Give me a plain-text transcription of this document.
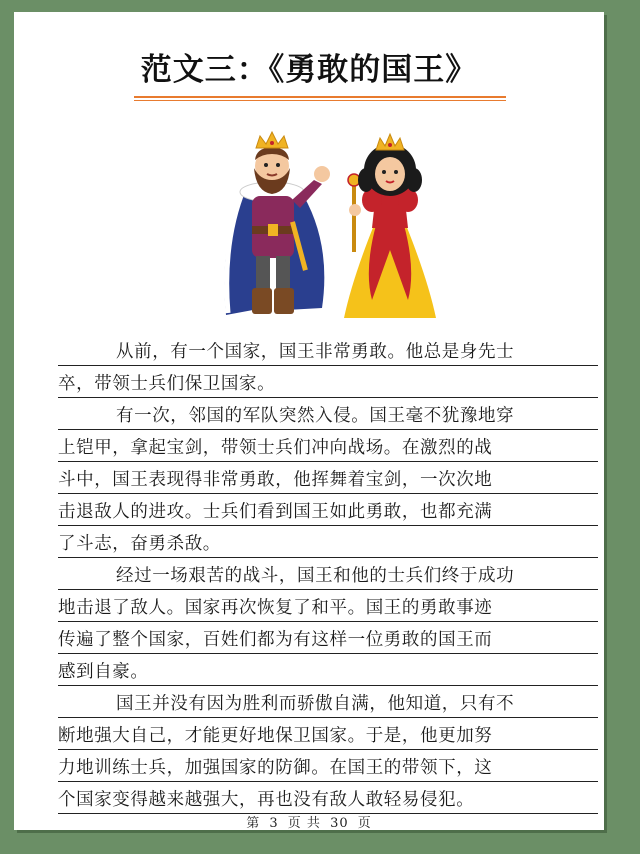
范文三：《勇敢的国王》
从前，有一个国家，国王非常勇敢。他总是身先士
卒，带领士兵们保卫国家。
有一次，邻国的军队突然入侵。国王毫不犹豫地穿
上铠甲，拿起宝剑，带领士兵们冲向战场。在激烈的战
斗中，国王表现得非常勇敢，他挥舞着宝剑，一次次地
击退敌人的进攻。士兵们看到国王如此勇敢，也都充满
了斗志，奋勇杀敌。
经过一场艰苦的战斗，国王和他的士兵们终于成功
地击退了敌人。国家再次恢复了和平。国王的勇敢事迹
传遍了整个国家，百姓们都为有这样一位勇敢的国王而
感到自豪。
国王并没有因为胜利而骄傲自满，他知道，只有不
断地强大自己，才能更好地保卫国家。于是，他更加努
力地训练士兵，加强国家的防御。在国王的带领下，这
个国家变得越来越强大，再也没有敌人敢轻易侵犯。
第 3 页 共 30 页
